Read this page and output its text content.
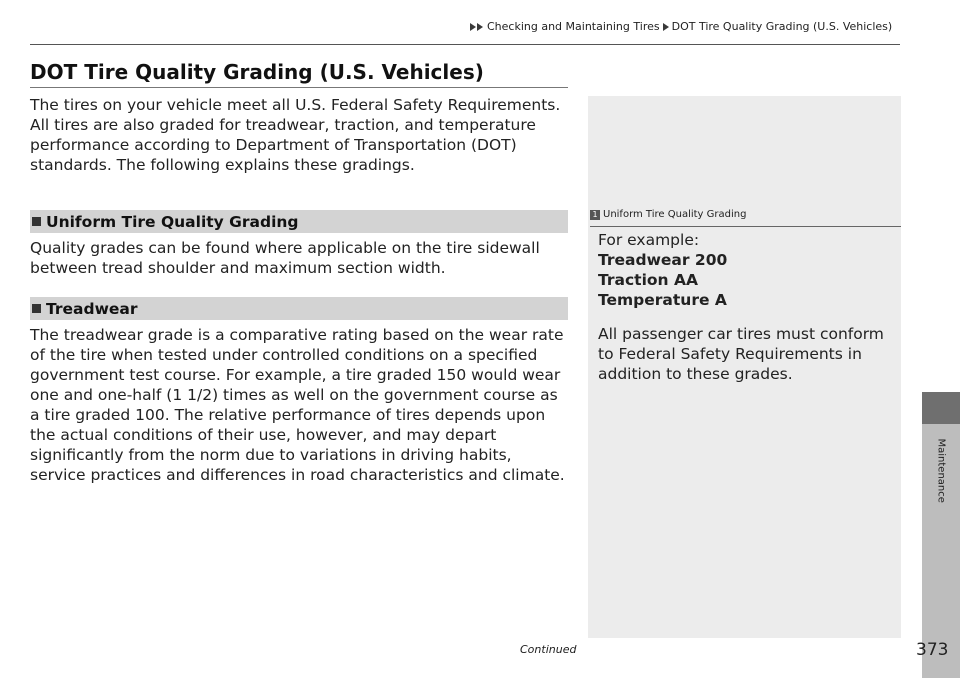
Checking and Maintaining Tires DOT Tire Quality Grading (U.S. Vehicles)
DOT Tire Quality Grading (U.S. Vehicles)
The tires on your vehicle meet all U.S. Federal Safety Requirements. All tires are also graded for treadwear, traction, and temperature performance according to Department of Transportation (DOT) standards. The following explains these gradings.
Uniform Tire Quality Grading
Quality grades can be found where applicable on the tire sidewall between tread shoulder and maximum section width.
Treadwear
The treadwear grade is a comparative rating based on the wear rate of the tire when tested under controlled conditions on a specified government test course. For example, a tire graded 150 would wear one and one-half (1 1/2) times as well on the government course as a tire graded 100. The relative performance of tires depends upon the actual conditions of their use, however, and may depart significantly from the norm due to variations in driving habits, service practices and differences in road characteristics and climate.
1 Uniform Tire Quality Grading
For example:
Treadwear 200
Traction AA
Temperature A
All passenger car tires must conform to Federal Safety Requirements in addition to these grades.
Maintenance
Continued	373
